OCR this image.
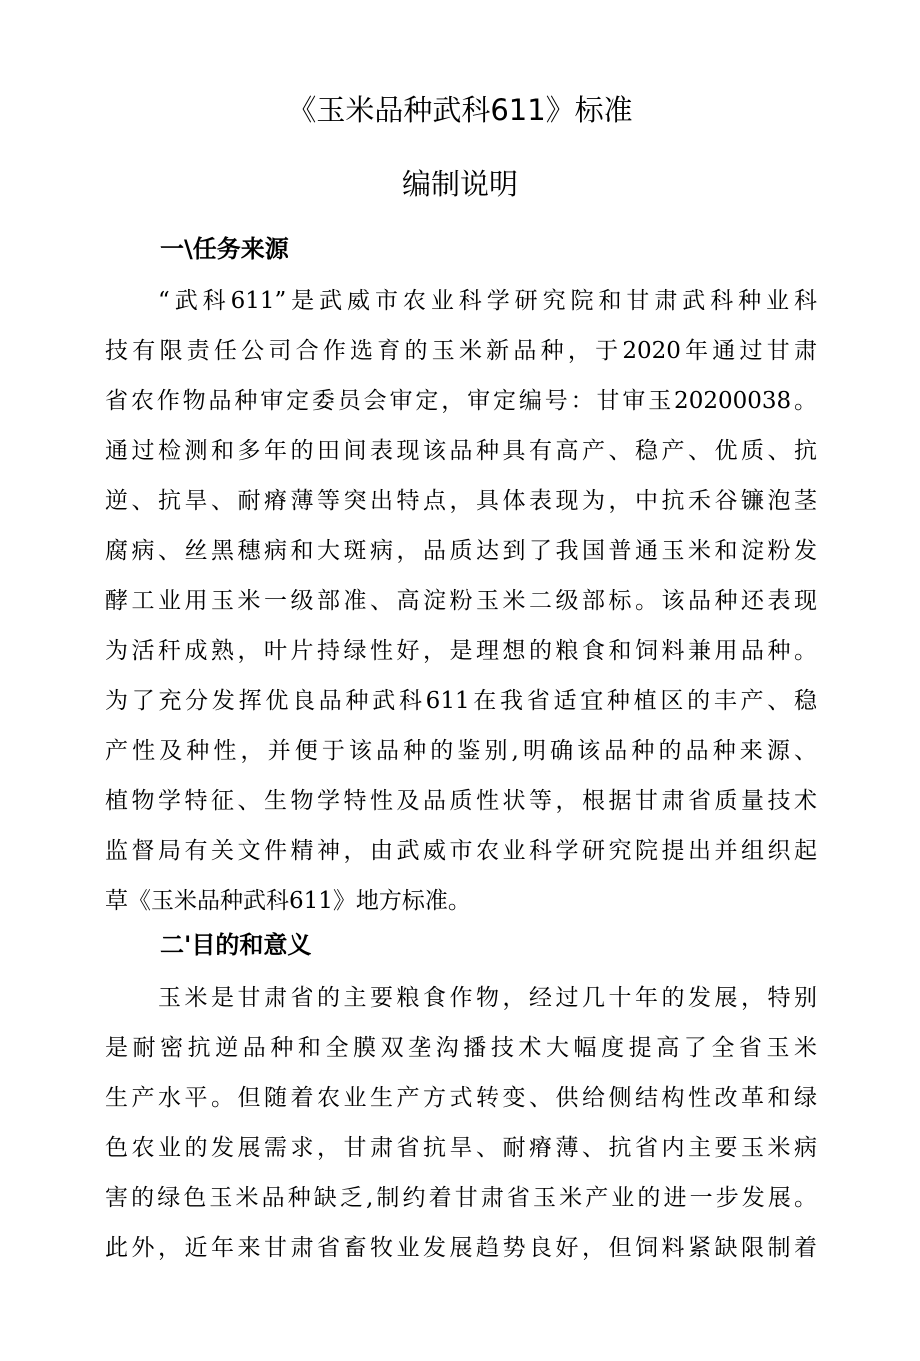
《玉米品种武科611》标准
编制说明
一\任务来源
“武科611”是武威市农业科学研究院和甘肃武科种业科
技有限责任公司合作选育的玉米新品种，于2020年通过甘肃
省农作物品种审定委员会审定，审定编号：甘审玉20200038。
通过检测和多年的田间表现该品种具有高产、稳产、优质、抗
逆、抗旱、耐瘠薄等突出特点，具体表现为，中抗禾谷镰泡茎
腐病、丝黑穗病和大斑病，品质达到了我国普通玉米和淀粉发
酵工业用玉米一级部准、高淀粉玉米二级部标。该品种还表现
为活秆成熟，叶片持绿性好，是理想的粮食和饲料兼用品种。
为了充分发挥优良品种武科611在我省适宜种植区的丰产、稳
产性及种性，并便于该品种的鉴别,明确该品种的品种来源、
植物学特征、生物学特性及品质性状等，根据甘肃省质量技术
监督局有关文件精神，由武威市农业科学研究院提出并组织起
草《玉米品种武科611》地方标准。
二'目的和意义
玉米是甘肃省的主要粮食作物，经过几十年的发展，特别
是耐密抗逆品种和全膜双垄沟播技术大幅度提高了全省玉米
生产水平。但随着农业生产方式转变、供给侧结构性改革和绿
色农业的发展需求，甘肃省抗旱、耐瘠薄、抗省内主要玉米病
害的绿色玉米品种缺乏,制约着甘肃省玉米产业的进一步发展。
此外，近年来甘肃省畜牧业发展趋势良好，但饲料紧缺限制着
